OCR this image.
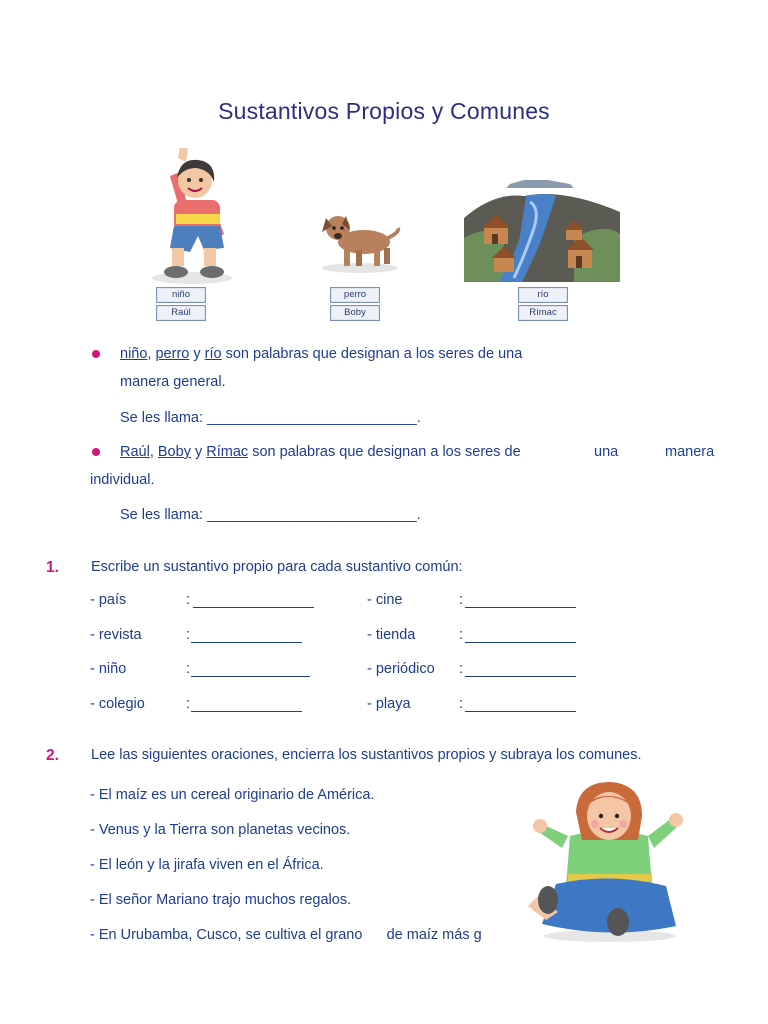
Sustantivos Propios y Comunes
niño
Raúl
perro
Boby
río
Rímac
niño, perro y río son palabras que designan a los seres de una
manera general.
Se les llama: __________________________.
Raúl, Boby y Rímac son palabras que designan a los seres de	una	manera
individual.
Se les llama: __________________________.
1. Escribe un sustantivo propio para cada sustantivo común:
- país	:
- revista	:
- niño	:
- colegio	:
- cine	:
- tienda	:
- periódico :
- playa	:
2. Lee las siguientes oraciones, encierra los sustantivos propios y subraya los comunes.
- El maíz es un cereal originario de América.
- Venus y la Tierra son planetas vecinos.
- El león y la jirafa viven en el África.
- El señor Mariano trajo muchos regalos.
- En Urubamba, Cusco, se cultiva el grano      de maíz más g
